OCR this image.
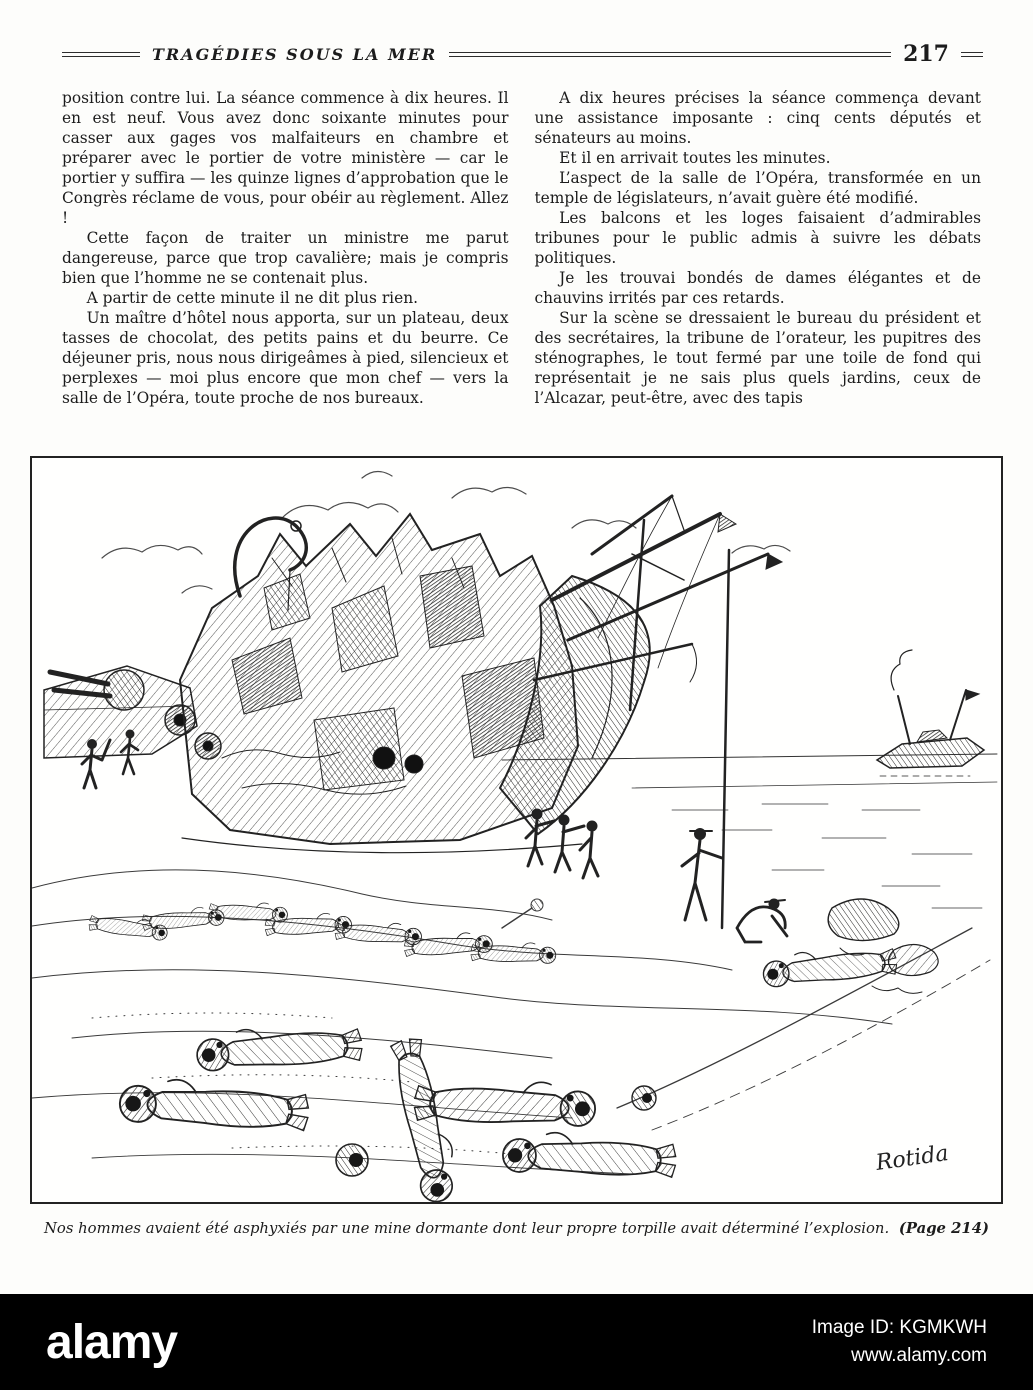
TRAGÉDIES SOUS LA MER	217

position contre lui. La séance commence à dix heures. Il en est neuf. Vous avez donc soixante minutes pour casser aux gages vos malfaiteurs en chambre et préparer avec le portier de votre ministère — car le portier y suffira — les quinze lignes d’approbation que le Congrès réclame de vous, pour obéir au règlement. Allez !

Cette façon de traiter un ministre me parut dangereuse, parce que trop cavalière; mais je compris bien que l’homme ne se contenait plus.

A partir de cette minute il ne dit plus rien.

Un maître d’hôtel nous apporta, sur un plateau, deux tasses de chocolat, des petits pains et du beurre. Ce déjeuner pris, nous nous dirigeâmes à pied, silencieux et perplexes — moi plus encore que mon chef — vers la salle de l’Opéra, toute proche de nos bureaux.

A dix heures précises la séance commença devant une assistance imposante : cinq cents députés et sénateurs au moins.

Et il en arrivait toutes les minutes.

L’aspect de la salle de l’Opéra, transformée en un temple de législateurs, n’avait guère été modifié.

Les balcons et les loges faisaient d’admirables tribunes pour le public admis à suivre les débats politiques.

Je les trouvai bondés de dames élégantes et de chauvins irrités par ces retards.

Sur la scène se dressaient le bureau du président et des secrétaires, la tribune de l’orateur, les pupitres des sténographes, le tout fermé par une toile de fond qui représentait je ne sais plus quels jardins, ceux de l’Alcazar, peut-être, avec des tapis

Rotida
Nos hommes avaient été asphyxiés par une mine dormante dont leur propre torpille avait déterminé l’explosion. (Page 214)
alamy	Image ID: KGMKWH
www.alamy.com
